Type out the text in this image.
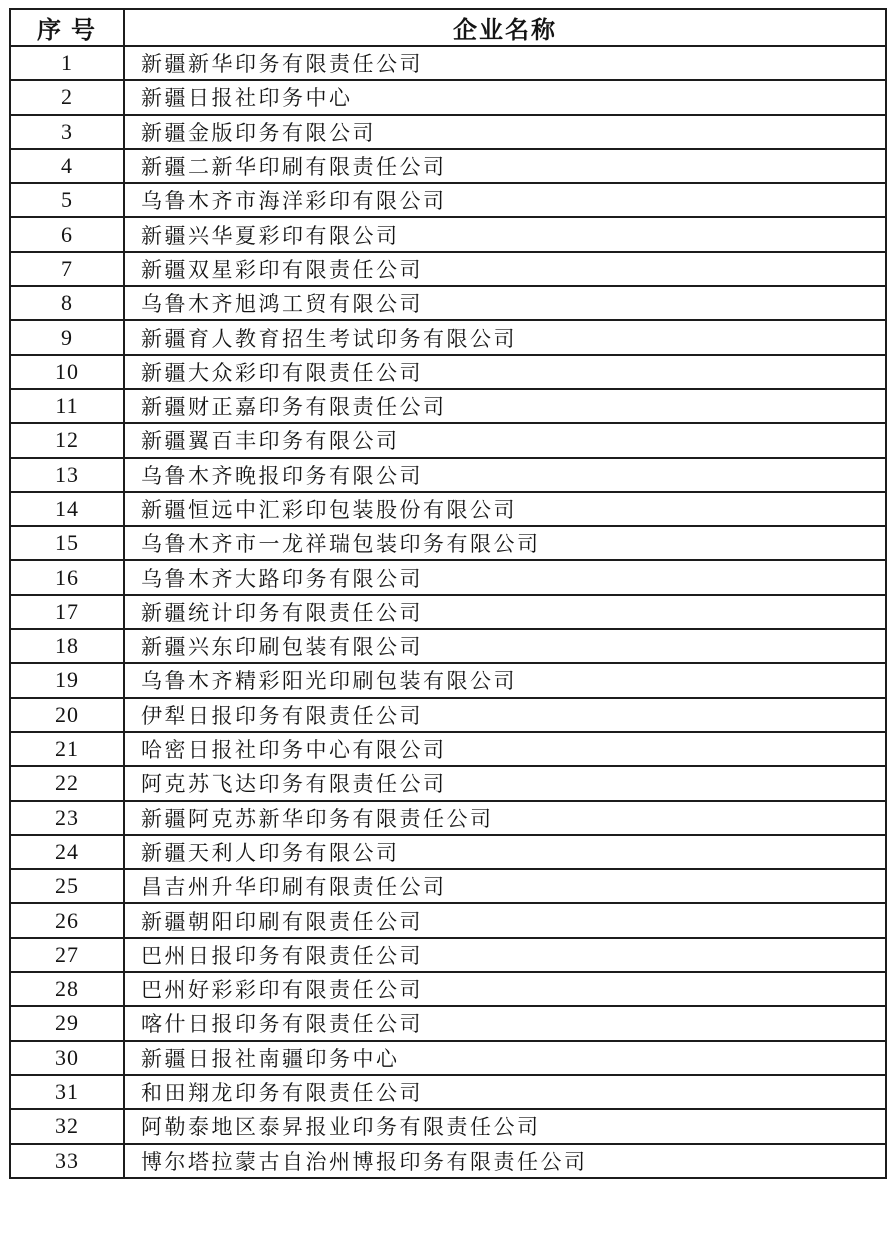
序 号	企业名称
1	新疆新华印务有限责任公司
2	新疆日报社印务中心
3	新疆金版印务有限公司
4	新疆二新华印刷有限责任公司
5	乌鲁木齐市海洋彩印有限公司
6	新疆兴华夏彩印有限公司
7	新疆双星彩印有限责任公司
8	乌鲁木齐旭鸿工贸有限公司
9	新疆育人教育招生考试印务有限公司
10	新疆大众彩印有限责任公司
11	新疆财正嘉印务有限责任公司
12	新疆翼百丰印务有限公司
13	乌鲁木齐晚报印务有限公司
14	新疆恒远中汇彩印包装股份有限公司
15	乌鲁木齐市一龙祥瑞包装印务有限公司
16	乌鲁木齐大路印务有限公司
17	新疆统计印务有限责任公司
18	新疆兴东印刷包装有限公司
19	乌鲁木齐精彩阳光印刷包装有限公司
20	伊犁日报印务有限责任公司
21	哈密日报社印务中心有限公司
22	阿克苏飞达印务有限责任公司
23	新疆阿克苏新华印务有限责任公司
24	新疆天利人印务有限公司
25	昌吉州升华印刷有限责任公司
26	新疆朝阳印刷有限责任公司
27	巴州日报印务有限责任公司
28	巴州好彩彩印有限责任公司
29	喀什日报印务有限责任公司
30	新疆日报社南疆印务中心
31	和田翔龙印务有限责任公司
32	阿勒泰地区泰昇报业印务有限责任公司
33	博尔塔拉蒙古自治州博报印务有限责任公司
